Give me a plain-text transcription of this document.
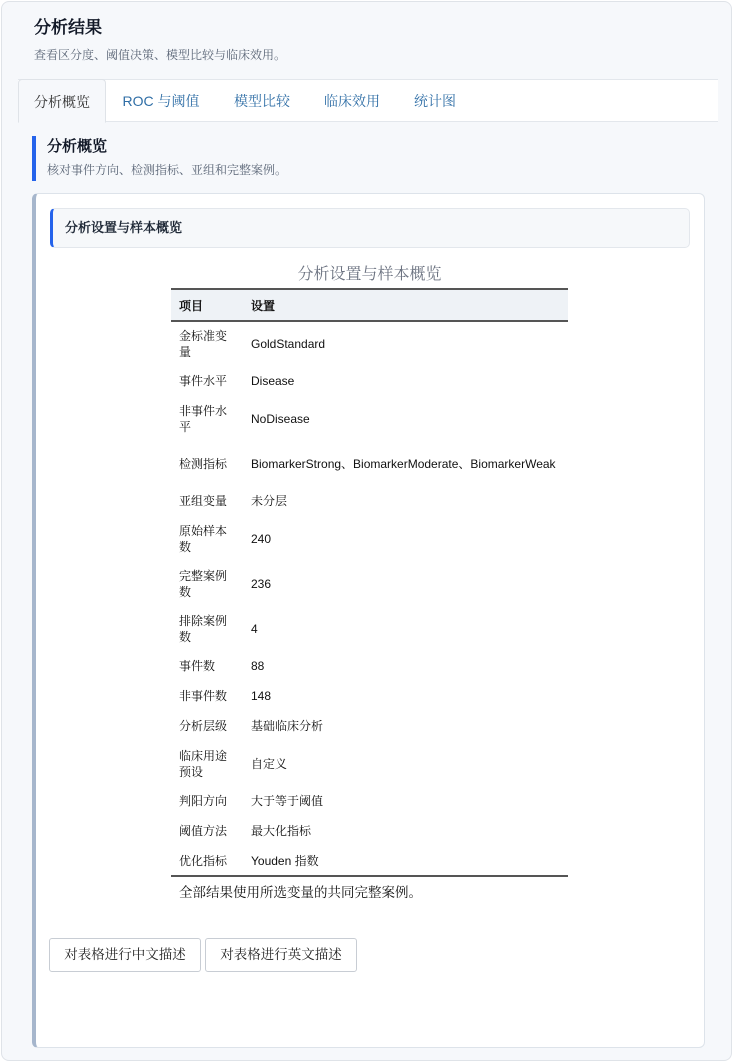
分析结果

查看区分度、阈值决策、模型比较与临床效用。

分析概览	ROC 与阈值	模型比较	临床效用	统计图
分析概览

核对事件方向、检测指标、亚组和完整案例。

分析设置与样本概览
分析设置与样本概览
项目	设置
金标准变量	GoldStandard
事件水平	Disease
非事件水平	NoDisease
检测指标	BiomarkerStrong、BiomarkerModerate、BiomarkerWeak
亚组变量	未分层
原始样本数	240
完整案例数	236
排除案例数	4
事件数	88
非事件数	148
分析层级	基础临床分析
临床用途预设	自定义
判阳方向	大于等于阈值
阈值方法	最大化指标
优化指标	Youden 指数
全部结果使用所选变量的共同完整案例。
对表格进行中文描述	对表格进行英文描述
